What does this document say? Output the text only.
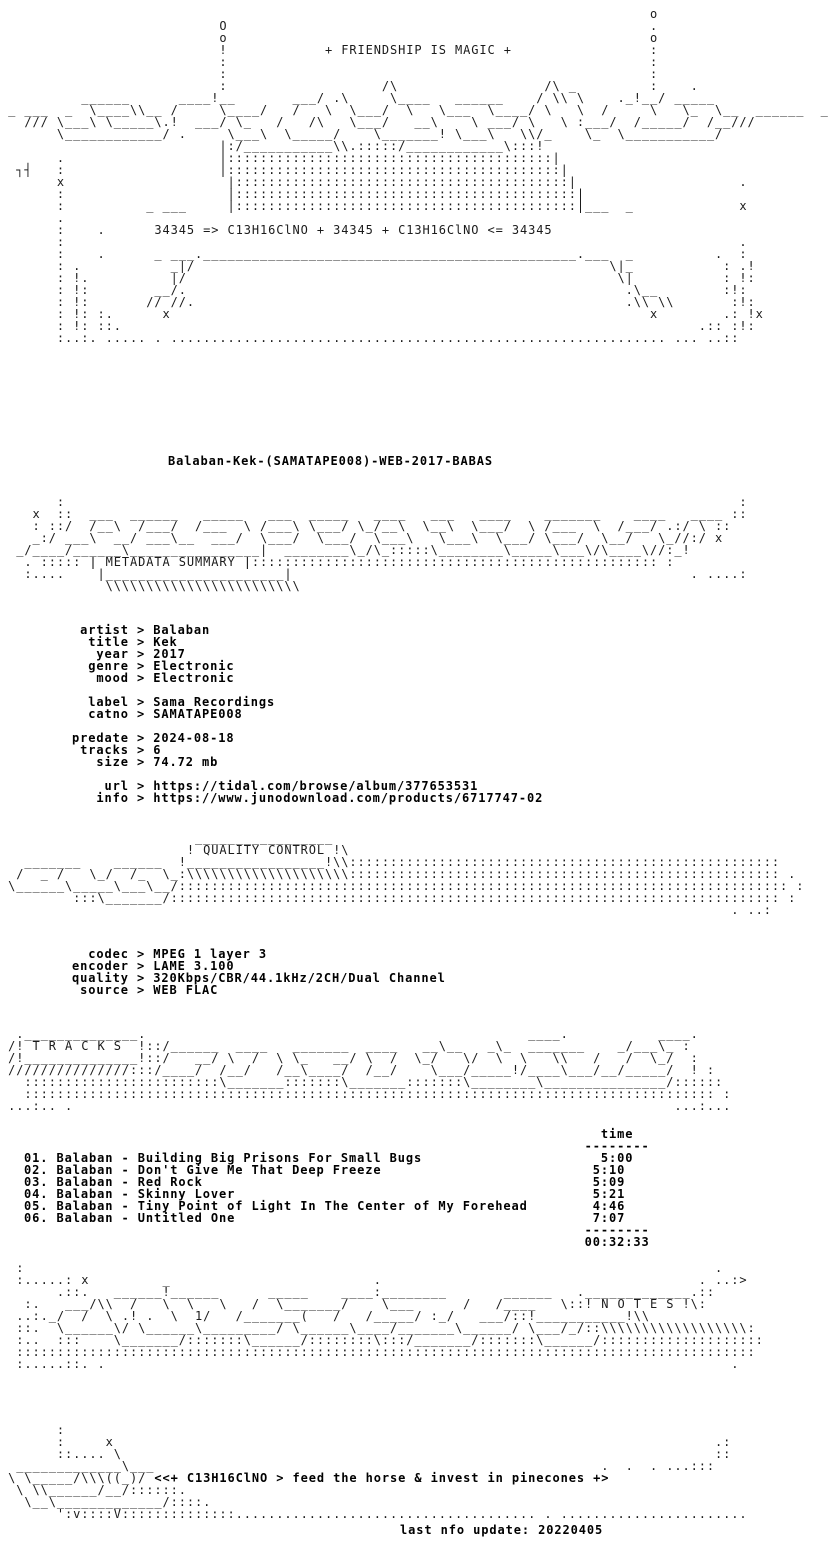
o
O                                                    .
o                                                    o
!	+ FRIENDSHIP IS MAGIC +	:
:                                                    :
:                                                    :
:                   /\                  /\ _         :    .
______      ____!__       ___/ .\     \____   ______    / \\ \    ._!__/ _____
_ ___  _  \____\\__ /     \____/   /   \  \___/  \   \___  \____/ \   \  /     \   \_  \__  ______  _
/// \___\ \_____\.!  ___/ \_   /   /\   \___/   __\    \ ___/ \   \ :___/  /_____/  /__///
\____________/ .     \___\  \_____/    \_______! \___\   \\/_    \_  \___________/
|:/___________\\.:::::/____________\:::!
.                   |::::::::::::::::::::::::::::::::::::::::|
┐┤   :                   |:::::::::::::::::::::::::::::::::::::::::|
x                    |:::::::::::::::::::::::::::::::::::::::::|                    .
:                    |::::::::::::::::::::::::::::::::::::::::::|
:          _ ___     |::::::::::::::::::::::::::::::::::::::::::|___  _             x
.
:    .	34345 => C13H16ClNO + 34345 + C13H16ClNO <= 34345
:                                                                                   .
:    .      _ ___.______________________________________________.___  _          .  :
: .           _|/                                                   \|_           : .!
: !.          |/                                                     \|           : !:
: !:        __/.                                                      .\__        :!:
: !:       // //.                                                     .\\ \\       :!:
: !: :.      x                                                           x        .: !x
: !: ::.                                                                       .:: :!:
:..:. ..... . ............................................................. ... ..::
Balaban-Kek-(SAMATAPE008)-WEB-2017-BABAS
:                                                                                   :
x  ::  ___  ______   _____   ___  _____   ____   ___   ____    _______    ____   ____ ::
: ::/  /__\  /___/  /___  \ /___\ \___/ \_/__\  \__\  \___/  \ /___  \  /___/ .:/ \ ::
_:/ ___\  __/ ___\__  ___/  \___/  \___/  \___\   \___\  \___/ \___/  \__/   \_//:/ x
_/____/______\________________|  ________\_/\_:::::\________\_____\___\/\____\//:_!
. ::::: | METADATA SUMMARY |:::::::::::::::::::::::::::::::::::::::::::::::::: :
:....    |______________________|                                                 . ....:
\\\\\\\\\\\\\\\\\\\\\\\\
artist > Balaban
title > Kek
year > 2017
genre > Electronic
mood > Electronic

label > Sama Recordings
catno > SAMATAPE008

predate > 2024-08-18
tracks > 6
size > 74.72 mb

url > https://tidal.com/browse/album/377653531
info > https://www.junodownload.com/products/6717747-02
_________________
! QUALITY CONTROL !\
_______    ______  !_________________!\\:::::::::::::::::::::::::::::::::::::::::::::::::::::
/  _ /   \_/  /_  \_:\\\\\\\\\\\\\\\\\\\\::::::::::::::::::::::::::::::::::::::::::::::::::::: .
\______\_____\___\__/::::::::::::::::::::::::::::::::::::::::::::::::::::::::::::::::::::::::::: :
:::\_______/::::::::::::::::::::::::::::::::::::::::::::::::::::::::::::::::::::::::::: :
. ..:
codec > MPEG 1 layer 3
encoder > LAME 3.100
quality > 320Kbps/CBR/44.1kHz/2CH/Dual Channel
source > WEB FLAC
.______________.                                               ____.           ____.
/! T R A C K S  !::/______  ____   _______  ____   __\__   _\_  _______    _/___\_ :
/!______________!::/   __/ \  /  \ \_   __/ \  /  \_/   \/  \  \   \\   /   /  \_/  :
///////////////:::/____/  /__/   /__\____/  /__/    \___/_____!/____\___/__/_____/  ! :
::::::::::::::::::::::::\_______:::::::\_______:::::::\________\_______________/::::::
::::::::::::::::::::::::::::::::::::::::::::::::::::::::::::::::::::::::::::::::::::: :
...:.. .                                                                          ...:...
time
--------
01. Balaban - Building Big Prisons For Small Bugs	5:00
02. Balaban - Don't Give Me That Deep Freeze	5:10
03. Balaban - Red Rock	5:09
04. Balaban - Skinny Lover	5:21
05. Balaban - Tiny Point of Light In The Center of My Forehead	4:46
06. Balaban - Untitled One	7:07
--------
00:32:33
:                                                                                     .
:.....: x         _                         .                                       . ..:>
.::.   ______!______      _____    ____:________       ______   ._____________.::
:.   ___/\\  /   \  \   \   /  \_______/    \___      /   /____   \::! N O T E S !\:
..:._/  /  \ .! .  \  1/   /_______(   /   /_____/ :_/   ___/::!___________!\\
::.  \______\/ \______\_________/ \______\____/_______\______/ \___/_/::\\\\\\\\\\\\\\\\\\:
:..  :::    \_______/:::::::\______/::::::::\:::/_______/:::::::\______/::::::::::::::::::::
:::::::::::::::::::::::::::::::::::::::::::::::::::::::::::::::::::::::::::::::::::::::::::
:.....::. .                                                                             .
:
:     x                                                                          .:
::.... \                                                                         ::
_____________\___                                                       .  .  . ...:::
\ \_____/\\\((_)/ <<+ C13H16ClNO > feed the horse & invest in pinecones +>
\ \\______/__/::::::.
\__\_____________/::::.
':v::::V::::::::::::::..................................... . .......................
last nfo update: 20220405
